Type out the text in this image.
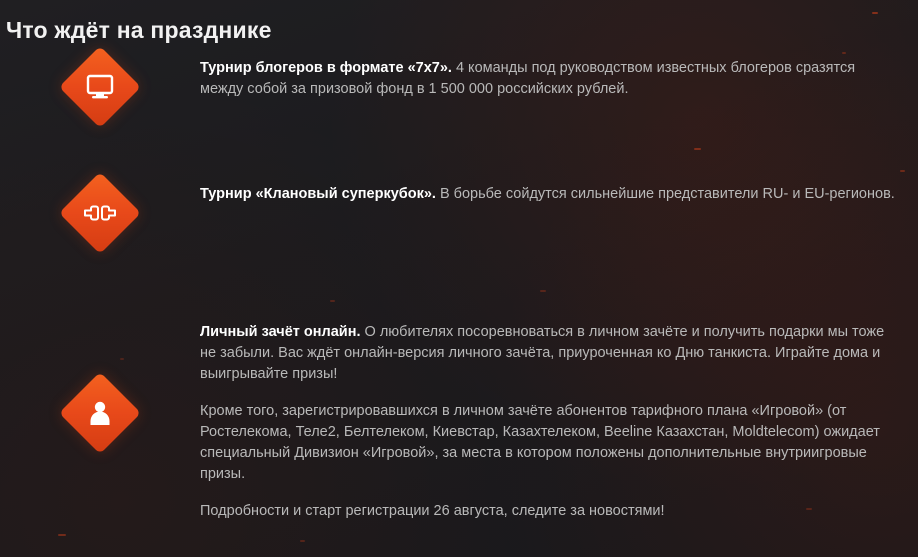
Что ждёт на празднике

Турнир блогеров в формате «7x7». 4 команды под руководством известных блогеров сразятся между собой за призовой фонд в 1 500 000 российских рублей.

Турнир «Клановый суперкубок». В борьбе сойдутся сильнейшие представители RU- и EU-регионов.

Личный зачёт онлайн. О любителях посоревноваться в личном зачёте и получить подарки мы тоже не забыли. Вас ждёт онлайн-версия личного зачёта, приуроченная ко Дню танкиста. Играйте дома и выигрывайте призы!

Кроме того, зарегистрировавшихся в личном зачёте абонентов тарифного плана «Игровой» (от Ростелекома, Теле2, Белтелеком, Киевстар, Казахтелеком, Beeline Казахстан, Moldtelecom) ожидает специальный Дивизион «Игровой», за места в котором положены дополнительные внутриигровые призы.

Подробности и старт регистрации 26 августа, следите за новостями!
